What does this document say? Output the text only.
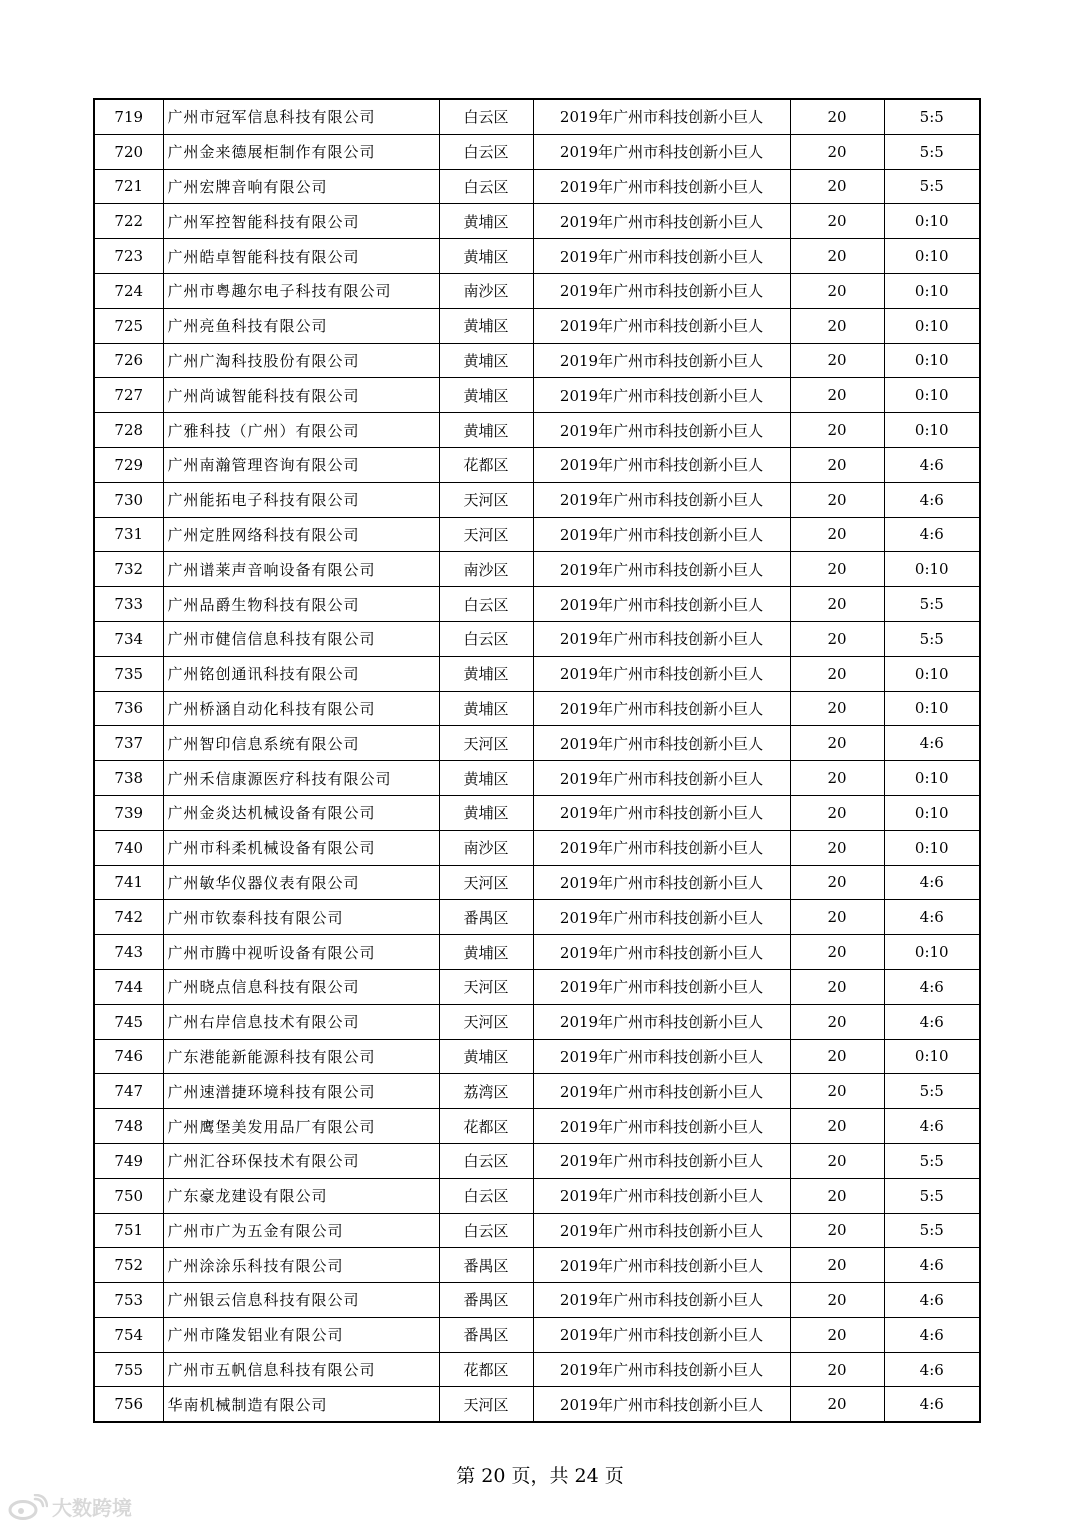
719	广州市冠军信息科技有限公司	白云区	2019年广州市科技创新小巨人	20	5:5
720	广州金来德展柜制作有限公司	白云区	2019年广州市科技创新小巨人	20	5:5
721	广州宏牌音响有限公司	白云区	2019年广州市科技创新小巨人	20	5:5
722	广州军控智能科技有限公司	黄埔区	2019年广州市科技创新小巨人	20	0:10
723	广州皓卓智能科技有限公司	黄埔区	2019年广州市科技创新小巨人	20	0:10
724	广州市粤趣尔电子科技有限公司	南沙区	2019年广州市科技创新小巨人	20	0:10
725	广州亮鱼科技有限公司	黄埔区	2019年广州市科技创新小巨人	20	0:10
726	广州广淘科技股份有限公司	黄埔区	2019年广州市科技创新小巨人	20	0:10
727	广州尚诚智能科技有限公司	黄埔区	2019年广州市科技创新小巨人	20	0:10
728	广雅科技（广州）有限公司	黄埔区	2019年广州市科技创新小巨人	20	0:10
729	广州南瀚管理咨询有限公司	花都区	2019年广州市科技创新小巨人	20	4:6
730	广州能拓电子科技有限公司	天河区	2019年广州市科技创新小巨人	20	4:6
731	广州定胜网络科技有限公司	天河区	2019年广州市科技创新小巨人	20	4:6
732	广州谱莱声音响设备有限公司	南沙区	2019年广州市科技创新小巨人	20	0:10
733	广州品爵生物科技有限公司	白云区	2019年广州市科技创新小巨人	20	5:5
734	广州市健信信息科技有限公司	白云区	2019年广州市科技创新小巨人	20	5:5
735	广州铭创通讯科技有限公司	黄埔区	2019年广州市科技创新小巨人	20	0:10
736	广州桥涵自动化科技有限公司	黄埔区	2019年广州市科技创新小巨人	20	0:10
737	广州智印信息系统有限公司	天河区	2019年广州市科技创新小巨人	20	4:6
738	广州禾信康源医疗科技有限公司	黄埔区	2019年广州市科技创新小巨人	20	0:10
739	广州金炎达机械设备有限公司	黄埔区	2019年广州市科技创新小巨人	20	0:10
740	广州市科柔机械设备有限公司	南沙区	2019年广州市科技创新小巨人	20	0:10
741	广州敏华仪器仪表有限公司	天河区	2019年广州市科技创新小巨人	20	4:6
742	广州市钦泰科技有限公司	番禺区	2019年广州市科技创新小巨人	20	4:6
743	广州市腾中视听设备有限公司	黄埔区	2019年广州市科技创新小巨人	20	0:10
744	广州晓点信息科技有限公司	天河区	2019年广州市科技创新小巨人	20	4:6
745	广州右岸信息技术有限公司	天河区	2019年广州市科技创新小巨人	20	4:6
746	广东港能新能源科技有限公司	黄埔区	2019年广州市科技创新小巨人	20	0:10
747	广州速潽捷环境科技有限公司	荔湾区	2019年广州市科技创新小巨人	20	5:5
748	广州鹰堡美发用品厂有限公司	花都区	2019年广州市科技创新小巨人	20	4:6
749	广州汇谷环保技术有限公司	白云区	2019年广州市科技创新小巨人	20	5:5
750	广东豪龙建设有限公司	白云区	2019年广州市科技创新小巨人	20	5:5
751	广州市广为五金有限公司	白云区	2019年广州市科技创新小巨人	20	5:5
752	广州涂涂乐科技有限公司	番禺区	2019年广州市科技创新小巨人	20	4:6
753	广州银云信息科技有限公司	番禺区	2019年广州市科技创新小巨人	20	4:6
754	广州市隆发铝业有限公司	番禺区	2019年广州市科技创新小巨人	20	4:6
755	广州市五帆信息科技有限公司	花都区	2019年广州市科技创新小巨人	20	4:6
756	华南机械制造有限公司	天河区	2019年广州市科技创新小巨人	20	4:6
第 20 页，共 24 页
大数跨境
